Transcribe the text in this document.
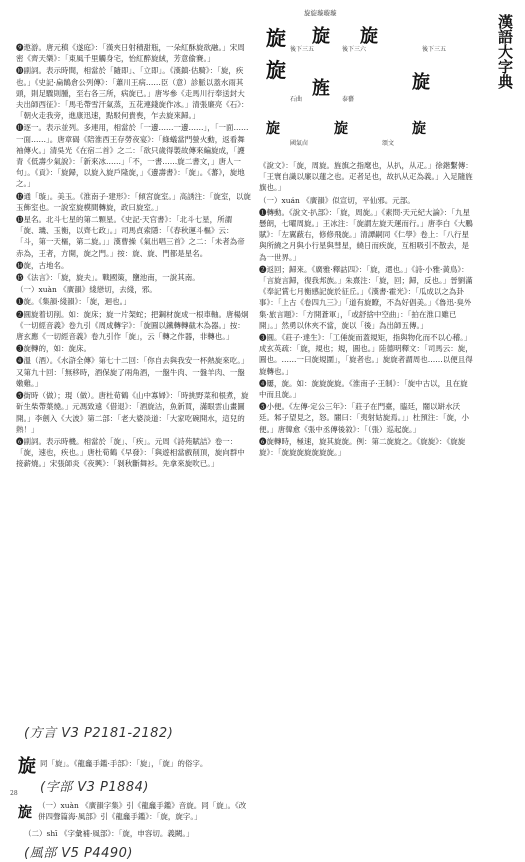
漢語大字典
旋旋璇璇璇
旋
旋
旋 旋
旌	旋
後下三五	後下三六	後下三五
石曲	泰藝
國氣卣	頌文
旋	旋	旋

❾遨游。唐元稹《遂庭》：「漢夾日射積甜瓶，一朵紅酥旋欲融。」宋周密《齊天樂》：「東風千里觸身宅，怡紅醉旋絨，芳意偷賽。」

❿副詞。表示時間，相當於「隨即」、「立即」。《漢鎮·估騎》：「旋，疾也。」《史記·扁鵲倉公列傳》：「蕭川王病……臣（意）診脈以蓋水雨其頭，則足驟則腫，至右各三所，病旋已。」唐岑參《走馬川行奉送封大夫出師西征》：「馬毛帶雪汗氣蒸，五花連錢旋作冰。」清張廉亮《石》：「朝火走我旁，進康迅速，點駁何貴喪，乍去旋來歸。」

⓫逐一。表示並列。多連用，相當於「一邊……一邊……」，「一面……一面……」。唐章碣《陪淮西王存勞夜宴》：「綠蟻當門螢火動，返看舞袖傳火。」清吳光《在宿二首》之二：「欲只歲得製故傳來編旋成，「護青《低壽少氣說》：「新來冰……」「不，一書……旋二書文，」唐人一句」。《貢》：「旋歸，以旋入旋戶隆旋，」《邊壽書》：「旋」。《蕃》，旋地之。」

⓬通「璇」。美玉。《淮南子·建形》：「傾宮旋室。」高誘注：「旋室，以旋玉飾室也。一說室旋模間轉旋，政曰旋室。」

⓭星名。北斗七星的第二顆星。《史記·天官書》：「北斗七星，所謂「旋、璣、玉衡，以齊七政」。」司馬貞索隱：「《春秋運斗樞》云：「斗，第一天樞，第二旋。」」漢曹操《氣出唱三首》之二：「未者為帝赤為，王者，方開，旋之門。」按：旋、旋、門都是星名。

⓮旋，古地名。

⓯《法言》：「旋，旋夫」。戰國策，鹽池南，一說其南。

（一）xuàn 《廣韻》綫戀切，去綫，邪。

❶旋。《集韻·綫韻》：「旋，迴也。」

❷圓旋着切削。如：旋床；旋一片架蛇；把鋼材旋成一根車軸。唐楊炯《一切經音義》卷九引《周成轉字》：「旋圓以鐵轉轉截木為器。」按：唐玄應《一切經音義》卷九引作「旋」，云「轉之作器，非轉也。」

❸旋轉的，如：旋床。

❹溫（酒）。《水滸全傳》第七十二回：「你自去與我安一杯熱旋來吃。」又第九十回：「無移時，酒保旋了兩角酒，一盤牛肉、一盤羊肉、一盤嫩雞。」

❺街時（做）；現（做）。唐杜荀鶴《山中寡婦》：「時挑野菜和根煮，旋斫生柴帶葉燒。」元馮致遠《借退》：「酒旋沽，魚新買，滿眼雲山畫圖開。」李劍入《大波》第二部：「老大婆淡道：「大家吃碗開水，這兒的熱！」

❻副詞。表示時機。相當於「旋」、「疾」。元周《詩苑賦詰》卷一：「旋，速也，疾也。」唐杜荀鶴《早發》：「與遊相當戲削頂，旋向群中接薪燒。」宋張師炎《夜興》：「剝秋斷舞衫。先拿來旋吹已。」

(方言 V3 P2181-2182)
旋 同「旋」。《龍龕手鑑·手部》：「旋」，「旋」的俗字。
(字部 V3 P1884)
旋 （一）xuàn 《廣韻字集》引《龍龕手鑑》音旋。同「旋」。《改併四聲篇海·風部》引《龍龕手鑑》：「旋，旋字。」
（二）shī 《字彙補·風部》：「旋，申容切。義闕。」
(風部 V5 P4490)

《說文》：「旋，周旋。旌旗之指麾也，从扒，从疋。」徐鍇繫傳：「王寰自識以廉以蓮之也。疋者足也，故扒从疋為義。」入足隨旌旗也。」

（一）xuán 《廣韻》似宣切，平仙邪。元部。

❶轉動。《說文·扒部》：「旋，周旋。」《素問·天元紀大論》：「九星懸朗，七曜周旋。」王冰注：「旋謂左旋天運而行。」唐李白《大鵬賦》：「左翼蔽右，修修飛旋。」清譚嗣同《仁學》卷上：「八行星與所繞之月與小行星與彗星，繞日而疾旋，互相吸引不散去，是為一世界。」

❷返回；歸來。《廣雅·釋詁四》：「旋，還也。」《詩·小雅·黃鳥》：「言旋言歸，復我邦族。」朱熹注：「旋，回；歸，反也。」晉劉滿《奉記賞七月衡感記旋於征丘。」《漢書·霍光》：「瓜成以之為卦事》：「上古《卷四九三》」「道有旋瞭，不為好倡美。」《魯迅·臭外集·旅言題》：「方開蒼軍」，「或舒捨中空曲」：「拍在淮口雖已開」。」然勇以休夾不當，旋以「後」為出師五傳。」

❸圓。《莊子·達生》：「工倕旋而蓋規矩，指與物化而不以心稽。」成玄英疏：「旋，規也；規，圓也。」陸德明釋文：「司馬云：旋，圓也。……一曰旋規圍」，「旋者也。」旋旋者謂周也……以便且得旋轉也。」

❹屢，旋。如：旋旋旋旋。《淮南子·王制》：「旋中古以，且在旋中而且旋。」

❺小便。《左傳·定公三年》：「莊子在門臺，臨廷，閽以缾水沃廷。邾子望見之，怒。閽曰：「夷射姑旋焉。」」杜預注：「旋，小便。」唐韓愈《張中丞傳後敘》：「（張）巡起旋。」

❻旋轉時，極速，旋其旋旋。例：第二旋旋之。《旋旋》：《旋旋旋》：「旋旋旋旋旋旋旋。」

28
